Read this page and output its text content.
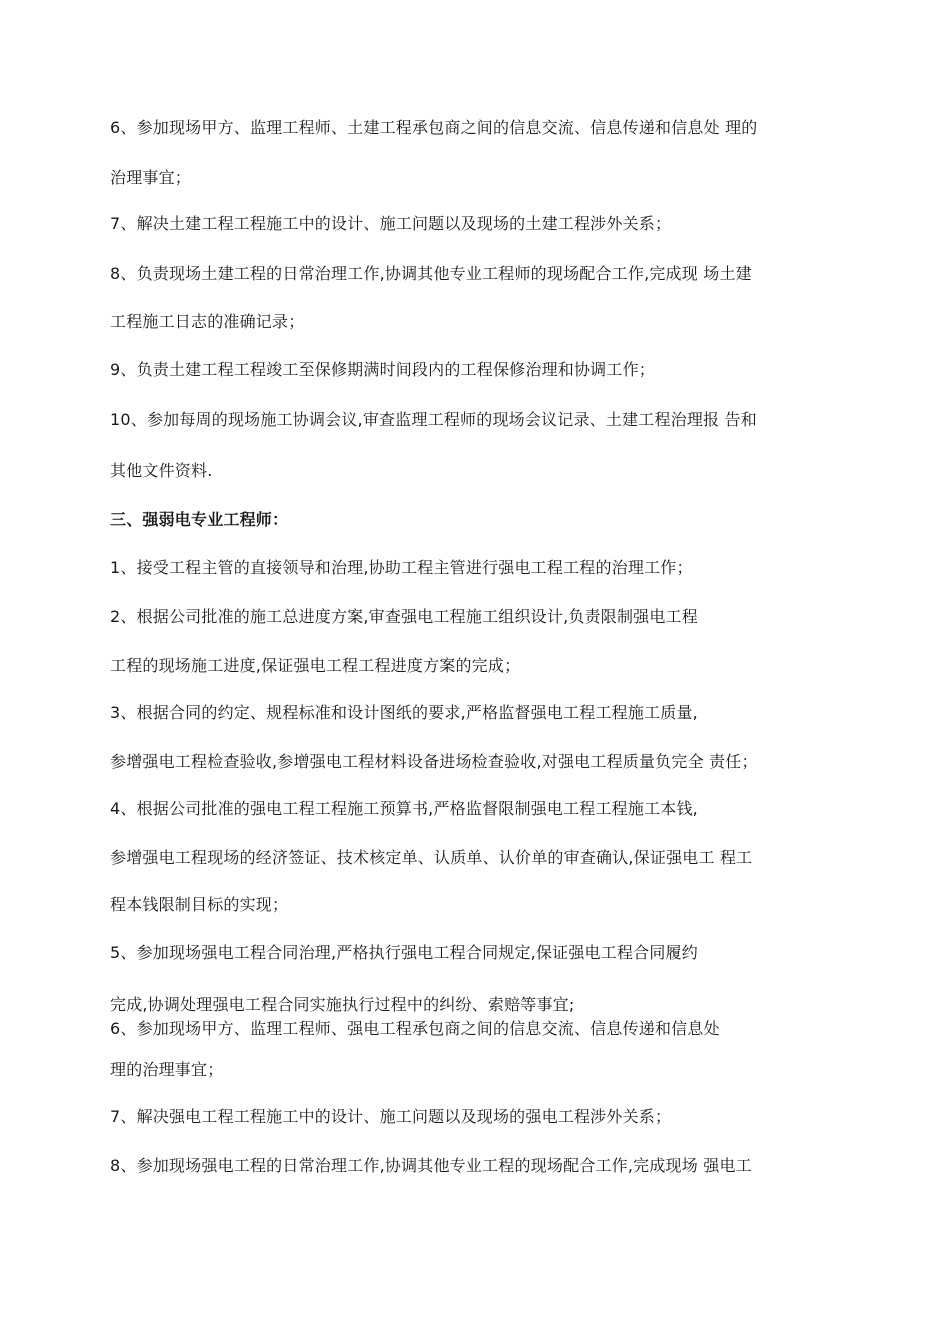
6、参加现场甲方、监理工程师、土建工程承包商之间的信息交流、信息传递和信息处 理的
治理事宜；
7、解决土建工程工程施工中的设计、施工问题以及现场的土建工程涉外关系；
8、负责现场土建工程的日常治理工作,协调其他专业工程师的现场配合工作,完成现 场土建
工程施工日志的准确记录；
9、负责土建工程工程竣工至保修期满时间段内的工程保修治理和协调工作；
10、参加每周的现场施工协调会议,审查监理工程师的现场会议记录、土建工程治理报 告和
其他文件资料.
三、强弱电专业工程师：
1、接受工程主管的直接领导和治理,协助工程主管进行强电工程工程的治理工作；
2、根据公司批准的施工总进度方案,审查强电工程施工组织设计,负责限制强电工程
工程的现场施工进度,保证强电工程工程进度方案的完成；
3、根据合同的约定、规程标准和设计图纸的要求,严格监督强电工程工程施工质量,
参增强电工程检查验收,参增强电工程材料设备进场检查验收,对强电工程质量负完全 责任；
4、根据公司批准的强电工程工程施工预算书,严格监督限制强电工程工程施工本钱,
参增强电工程现场的经济签证、技术核定单、认质单、认价单的审查确认,保证强电工 程工
程本钱限制目标的实现；
5、参加现场强电工程合同治理,严格执行强电工程合同规定,保证强电工程合同履约
完成,协调处理强电工程合同实施执行过程中的纠纷、索赔等事宜;
6、参加现场甲方、监理工程师、强电工程承包商之间的信息交流、信息传递和信息处
理的治理事宜；
7、解决强电工程工程施工中的设计、施工问题以及现场的强电工程涉外关系；
8、参加现场强电工程的日常治理工作,协调其他专业工程的现场配合工作,完成现场 强电工
